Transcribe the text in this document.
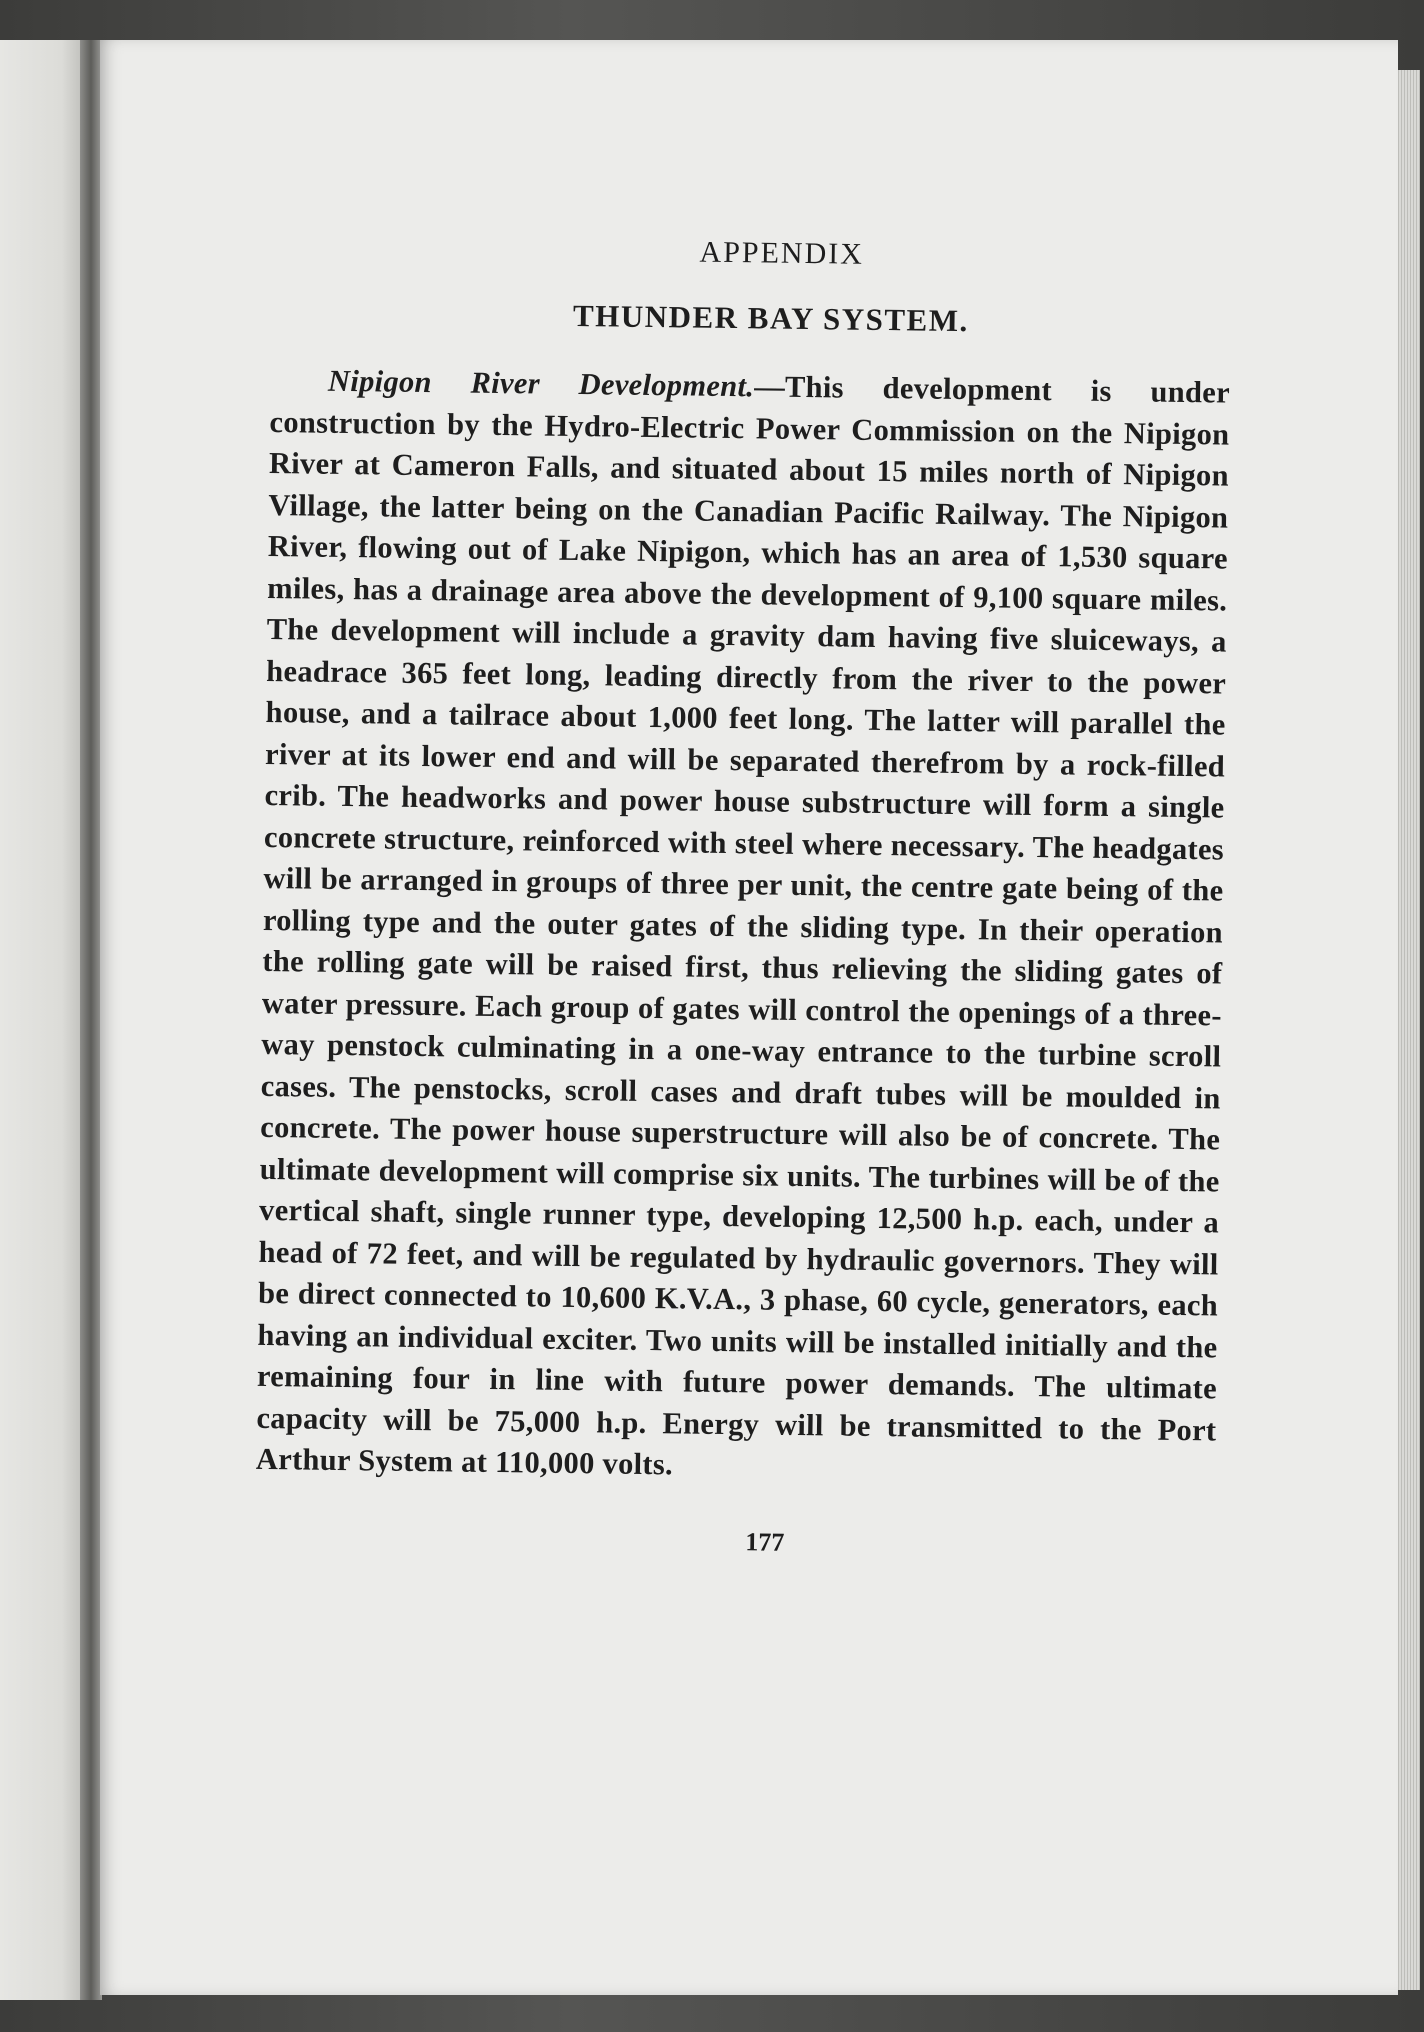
APPENDIX
THUNDER BAY SYSTEM.

Nipigon River Development.—This development is under construction by the Hydro-Electric Power Commission on the Nipigon River at Cameron Falls, and situated about 15 miles north of Nipigon Village, the latter being on the Canadian Pacific Railway. The Nipigon River, flowing out of Lake Nipigon, which has an area of 1,530 square miles, has a drainage area above the development of 9,100 square miles. The development will include a gravity dam having five sluiceways, a headrace 365 feet long, leading directly from the river to the power house, and a tailrace about 1,000 feet long. The latter will parallel the river at its lower end and will be separated therefrom by a rock-filled crib. The headworks and power house substructure will form a single concrete structure, reinforced with steel where necessary. The headgates will be arranged in groups of three per unit, the centre gate being of the rolling type and the outer gates of the sliding type. In their operation the rolling gate will be raised first, thus relieving the sliding gates of water pressure. Each group of gates will control the openings of a three-way penstock culminating in a one-way entrance to the turbine scroll cases. The penstocks, scroll cases and draft tubes will be moulded in concrete. The power house superstructure will also be of concrete. The ultimate development will comprise six units. The turbines will be of the vertical shaft, single runner type, developing 12,500 h.p. each, under a head of 72 feet, and will be regulated by hydraulic governors. They will be direct connected to 10,600 K.V.A., 3 phase, 60 cycle, generators, each having an individual exciter. Two units will be installed initially and the remaining four in line with future power demands. The ultimate capacity will be 75,000 h.p. Energy will be transmitted to the Port Arthur System at 110,000 volts.

177
